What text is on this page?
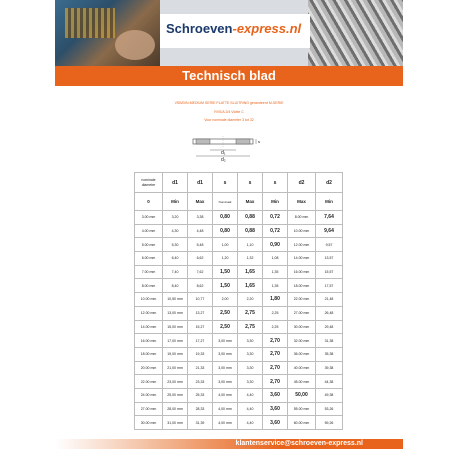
Schroeven-express.nl
Technisch blad
VSB/DIN-MEDIUM SERIE PLATTE SLUITRING gerandeerd M-SERIE
RVS/A 2/4 Vlotte C
Voor nominale diameter 3 tot 32
d₁
d₂
s
nominale diameter	d1	d1	s	s	s	d2	d2
0	Min	Max	Nominaal	Max	Min	Max	Min
3.00 mm	3,20	3,38	0,80	0,88	0,72	8.00 mm	7,64
4.00 mm	4,30	4,48	0,80	0,88	0,72	10.00 mm	9,64
5.00 mm	5,30	5,48	1,00	1,10	0,90	12.00 mm	9,57
6.00 mm	6,40	6,62	1,20	1,32	1,08	14.00 mm	13,57
7.00 mm	7,40	7,62	1,50	1,65	1,35	16.00 mm	15,57
8.00 mm	8,40	8,62	1,50	1,65	1,35	18.00 mm	17,57
10.00 mm	10,50 mm	10,77	2,00	2,20	1,80	22.00 mm	21,48
12.00 mm	13,00 mm	13,27	2,50	2,75	2,25	27.00 mm	26,48
14.00 mm	15,00 mm	15,27	2,50	2,75	2,25	30.00 mm	29,48
16.00 mm	17,00 mm	17,27	3,00 mm	3,30	2,70	32.00 mm	31,38
18.00 mm	19,00 mm	19,33	3,00 mm	3,30	2,70	36.00 mm	35,38
20.00 mm	21,00 mm	21,33	3,00 mm	3,30	2,70	40.00 mm	39,38
22.00 mm	23,00 mm	23,33	3,00 mm	3,30	2,70	45.00 mm	44,38
24.00 mm	25,00 mm	25,33	4,00 mm	4,40	3,60	50,00	49,38
27.00 mm	28,00 mm	28,33	4,00 mm	4,40	3,60	55.00 mm	53,26
30.00 mm	31,00 mm	31,39	4,00 mm	4,40	3,60	60.00 mm	59,26
klantenservice@schroeven-express.nl
